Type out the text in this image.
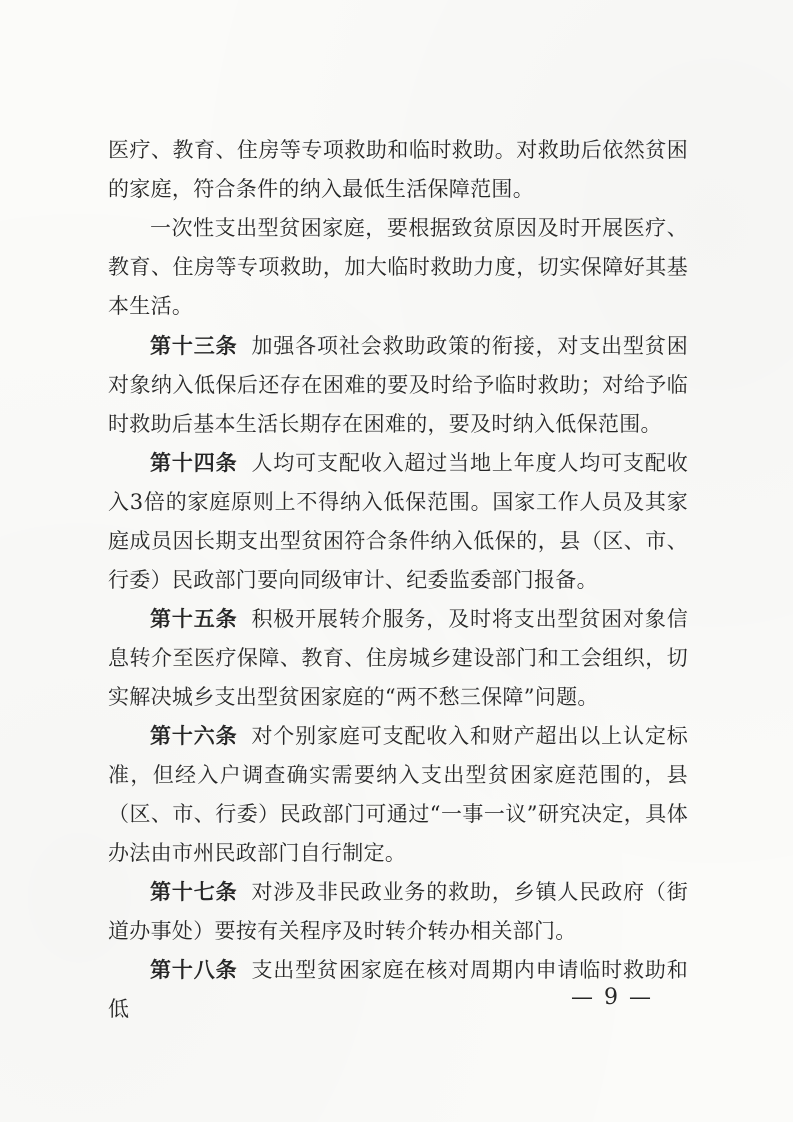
医疗、教育、住房等专项救助和临时救助。对救助后依然贫困的家庭，符合条件的纳入最低生活保障范围。

一次性支出型贫困家庭，要根据致贫原因及时开展医疗、教育、住房等专项救助，加大临时救助力度，切实保障好其基本生活。

第十三条 加强各项社会救助政策的衔接，对支出型贫困对象纳入低保后还存在困难的要及时给予临时救助；对给予临时救助后基本生活长期存在困难的，要及时纳入低保范围。

第十四条 人均可支配收入超过当地上年度人均可支配收入3倍的家庭原则上不得纳入低保范围。国家工作人员及其家庭成员因长期支出型贫困符合条件纳入低保的，县（区、市、行委）民政部门要向同级审计、纪委监委部门报备。

第十五条 积极开展转介服务，及时将支出型贫困对象信息转介至医疗保障、教育、住房城乡建设部门和工会组织，切实解决城乡支出型贫困家庭的“两不愁三保障”问题。

第十六条 对个别家庭可支配收入和财产超出以上认定标准，但经入户调查确实需要纳入支出型贫困家庭范围的，县（区、市、行委）民政部门可通过“一事一议”研究决定，具体办法由市州民政部门自行制定。

第十七条 对涉及非民政业务的救助，乡镇人民政府（街道办事处）要按有关程序及时转介转办相关部门。

第十八条 支出型贫困家庭在核对周期内申请临时救助和低	— 9 —
